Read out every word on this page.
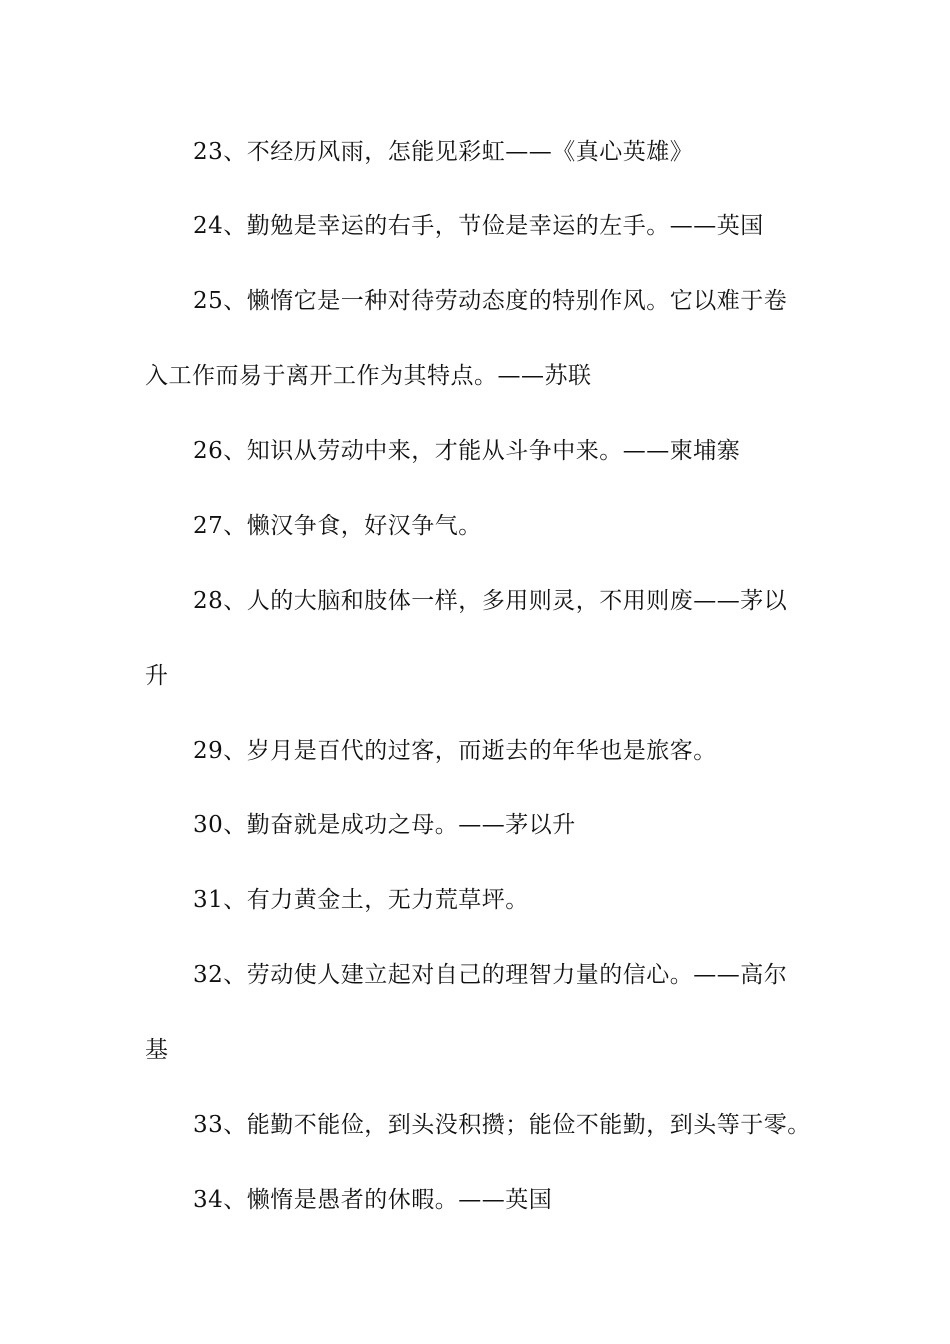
23、不经历风雨，怎能见彩虹——《真心英雄》
24、勤勉是幸运的右手，节俭是幸运的左手。——英国
25、懒惰它是一种对待劳动态度的特别作风。它以难于卷
入工作而易于离开工作为其特点。——苏联
26、知识从劳动中来，才能从斗争中来。——柬埔寨
27、懒汉争食，好汉争气。
28、人的大脑和肢体一样，多用则灵，不用则废——茅以
升
29、岁月是百代的过客，而逝去的年华也是旅客。
30、勤奋就是成功之母。——茅以升
31、有力黄金土，无力荒草坪。
32、劳动使人建立起对自己的理智力量的信心。——高尔
基
33、能勤不能俭，到头没积攒；能俭不能勤，到头等于零。
34、懒惰是愚者的休暇。——英国
